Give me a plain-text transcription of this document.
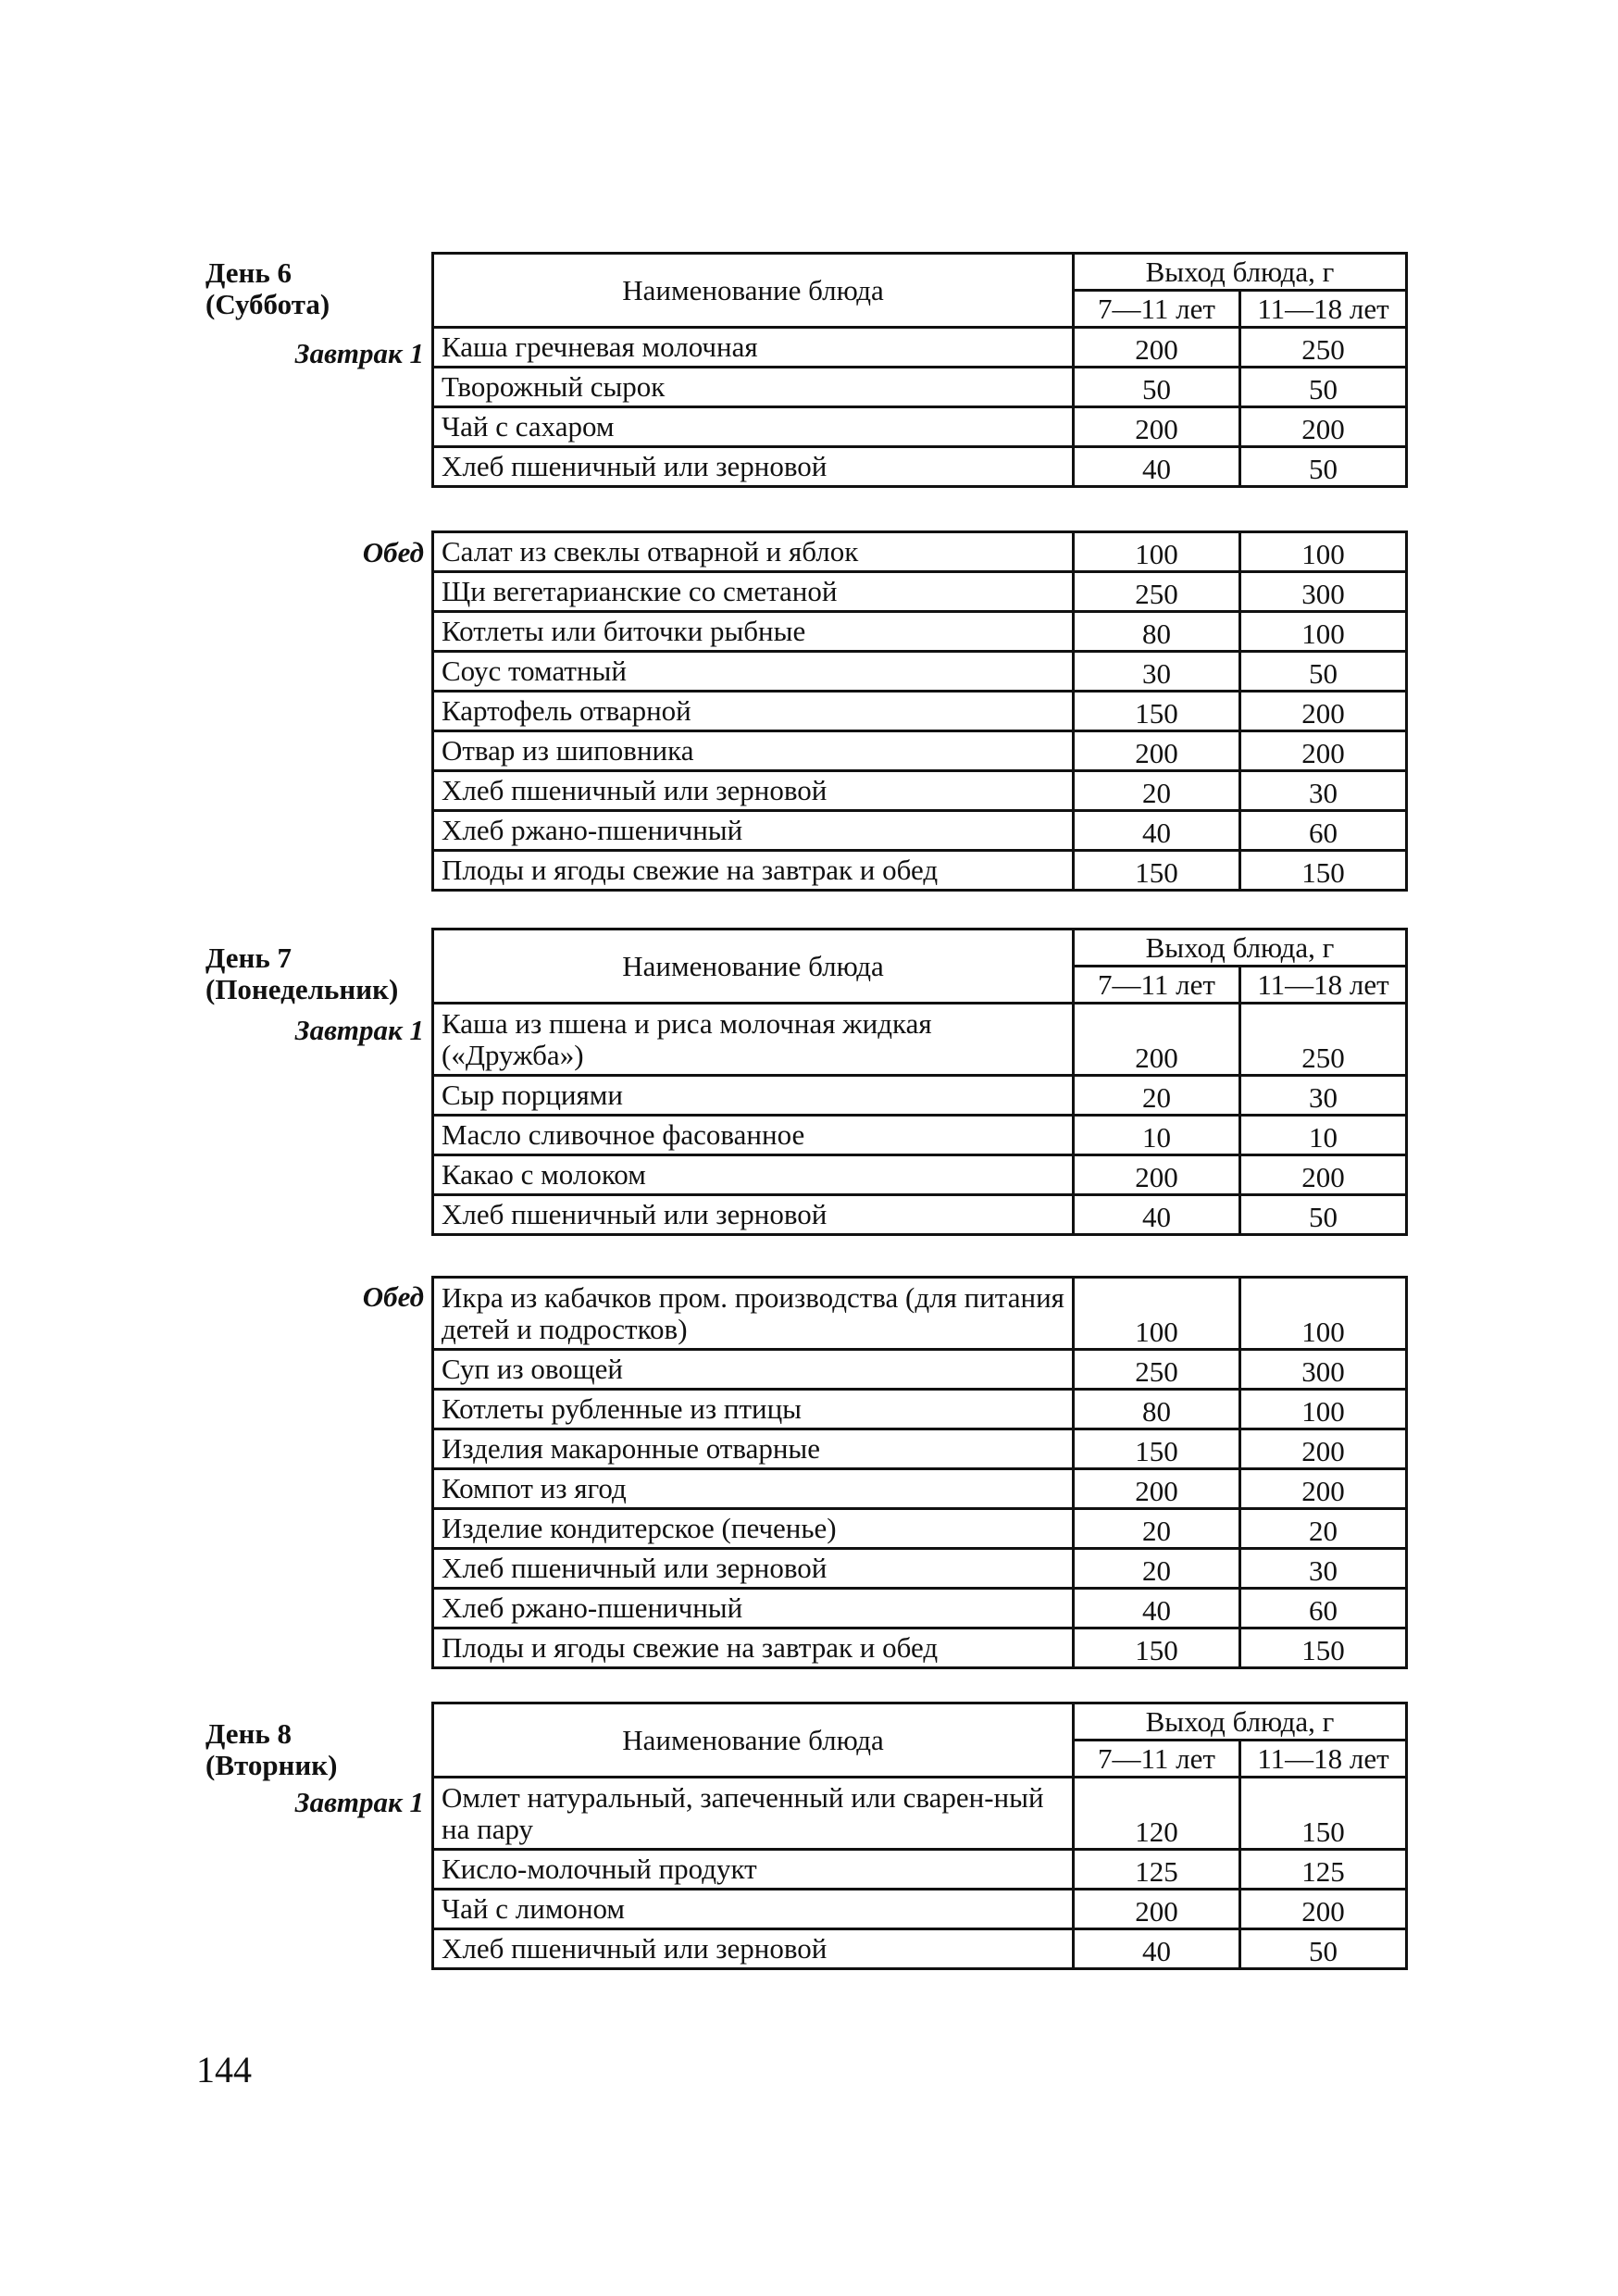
День 6
(Суббота)
Завтрак 1
Наименование блюда	Выход блюда, г	
	7—11 лет	11—18 лет
Каша гречневая молочная	200	250
Творожный сырок	50	50
Чай с сахаром	200	200
Хлеб пшеничный или зерновой	40	50
Обед Салат из свеклы отварной и яблок	100	100
Щи вегетарианские со сметаной	250	300
Котлеты или биточки рыбные	80	100
Соус томатный	30	50
Картофель отварной	150	200
Отвар из шиповника	200	200
Хлеб пшеничный или зерновой	20	30
Хлеб ржано-пшеничный	40	60
Плоды и ягоды свежие на завтрак и обед	150	150
День 7
(Понедельник)
Завтрак 1
Наименование блюда	Выход блюда, г	
	7—11 лет	11—18 лет
Каша из пшена и риса молочная жидкая («Дружба»)	200	250
Сыр порциями	20	30
Масло сливочное фасованное	10	10
Какао с молоком	200	200
Хлеб пшеничный или зерновой	40	50
Обед Икра из кабачков пром. производства (для питания детей и подростков)	100	100
Суп из овощей	250	300
Котлеты рубленные из птицы	80	100
Изделия макаронные отварные	150	200
Компот из ягод	200	200
Изделие кондитерское (печенье)	20	20
Хлеб пшеничный или зерновой	20	30
Хлеб ржано-пшеничный	40	60
Плоды и ягоды свежие на завтрак и обед	150	150
День 8
(Вторник)
Завтрак 1
Наименование блюда	Выход блюда, г	
	7—11 лет	11—18 лет
Омлет натуральный, запеченный или сварен-ный на пару	120	150
Кисло-молочный продукт	125	125
Чай с лимоном	200	200
Хлеб пшеничный или зерновой	40	50
144
